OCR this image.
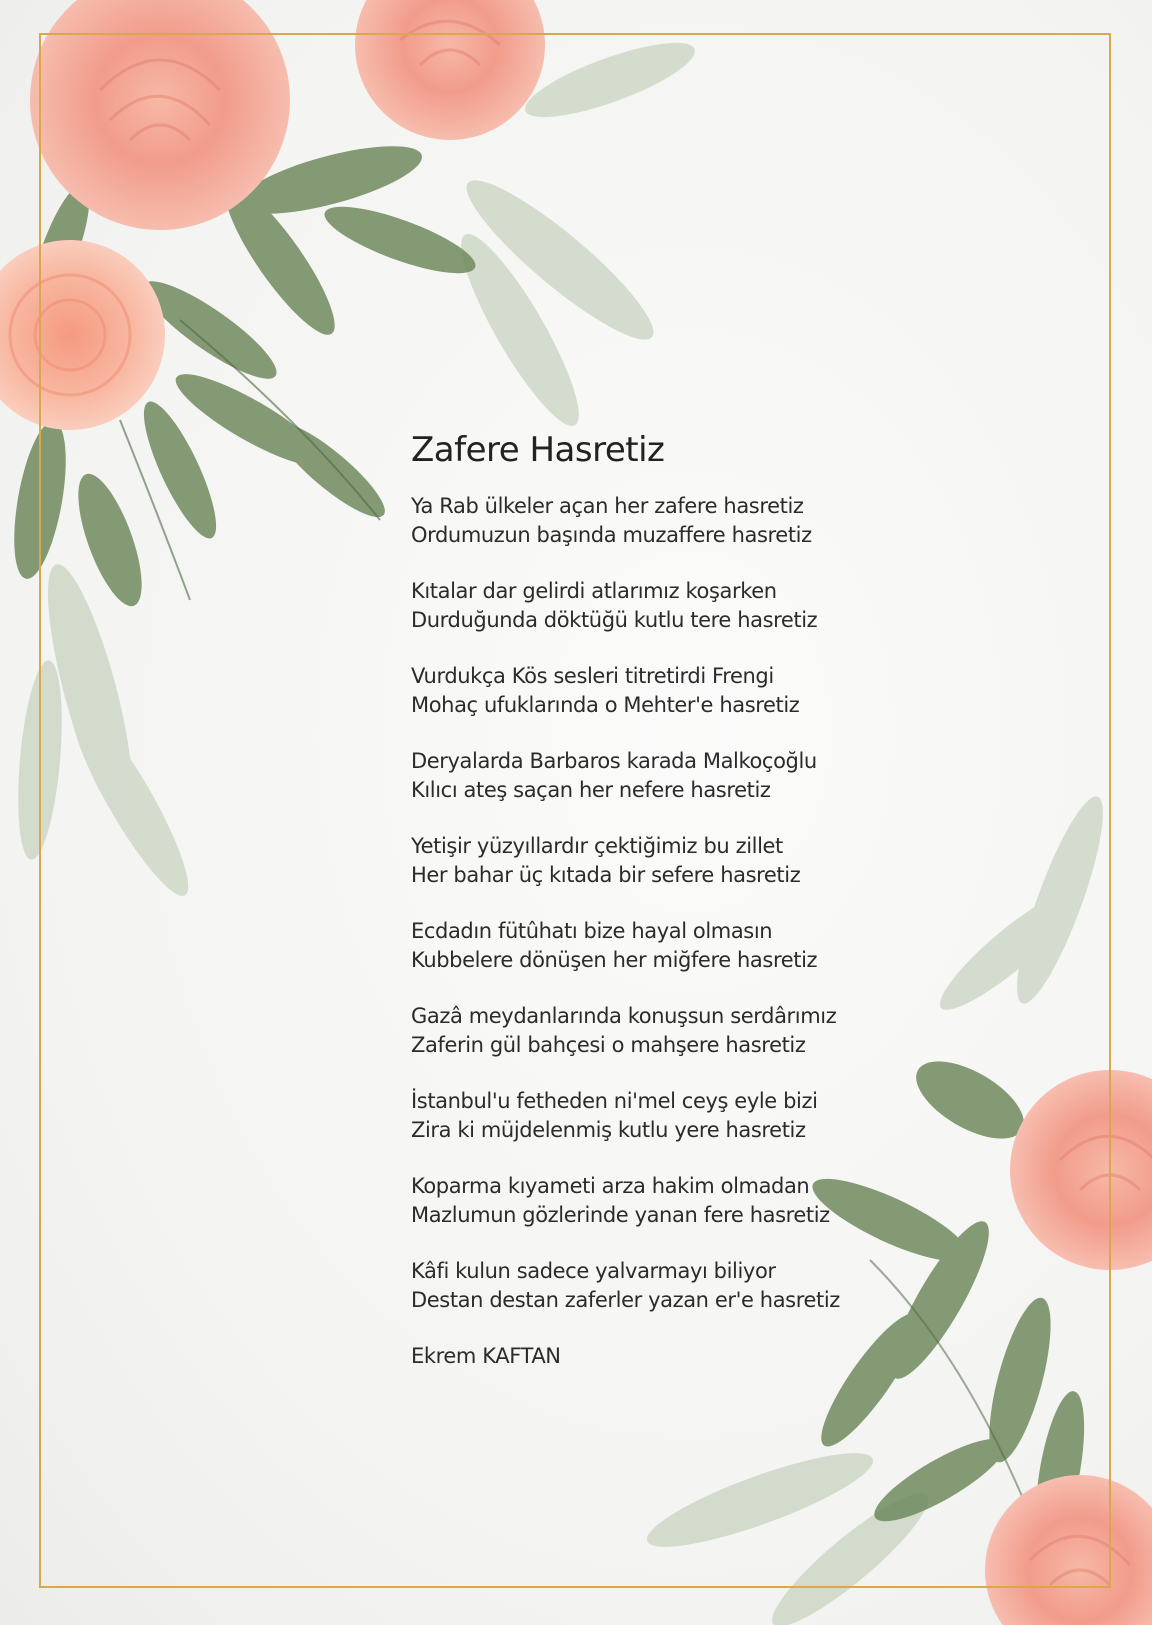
Zafere Hasretiz
Ya Rab ülkeler açan her zafere hasretiz
Ordumuzun başında muzaffere hasretiz
Kıtalar dar gelirdi atlarımız koşarken
Durduğunda döktüğü kutlu tere hasretiz
Vurdukça Kös sesleri titretirdi Frengi
Mohaç ufuklarında o Mehter'e hasretiz
Deryalarda Barbaros karada Malkoçoğlu
Kılıcı ateş saçan her nefere hasretiz
Yetişir yüzyıllardır çektiğimiz bu zillet
Her bahar üç kıtada bir sefere hasretiz
Ecdadın fütûhatı bize hayal olmasın
Kubbelere dönüşen her miğfere hasretiz
Gazâ meydanlarında konuşsun serdârımız
Zaferin gül bahçesi o mahşere hasretiz
İstanbul'u fetheden ni'mel ceyş eyle bizi
Zira ki müjdelenmiş kutlu yere hasretiz
Koparma kıyameti arza hakim olmadan
Mazlumun gözlerinde yanan fere hasretiz
Kâfi kulun sadece yalvarmayı biliyor
Destan destan zaferler yazan er'e hasretiz
Ekrem KAFTAN
